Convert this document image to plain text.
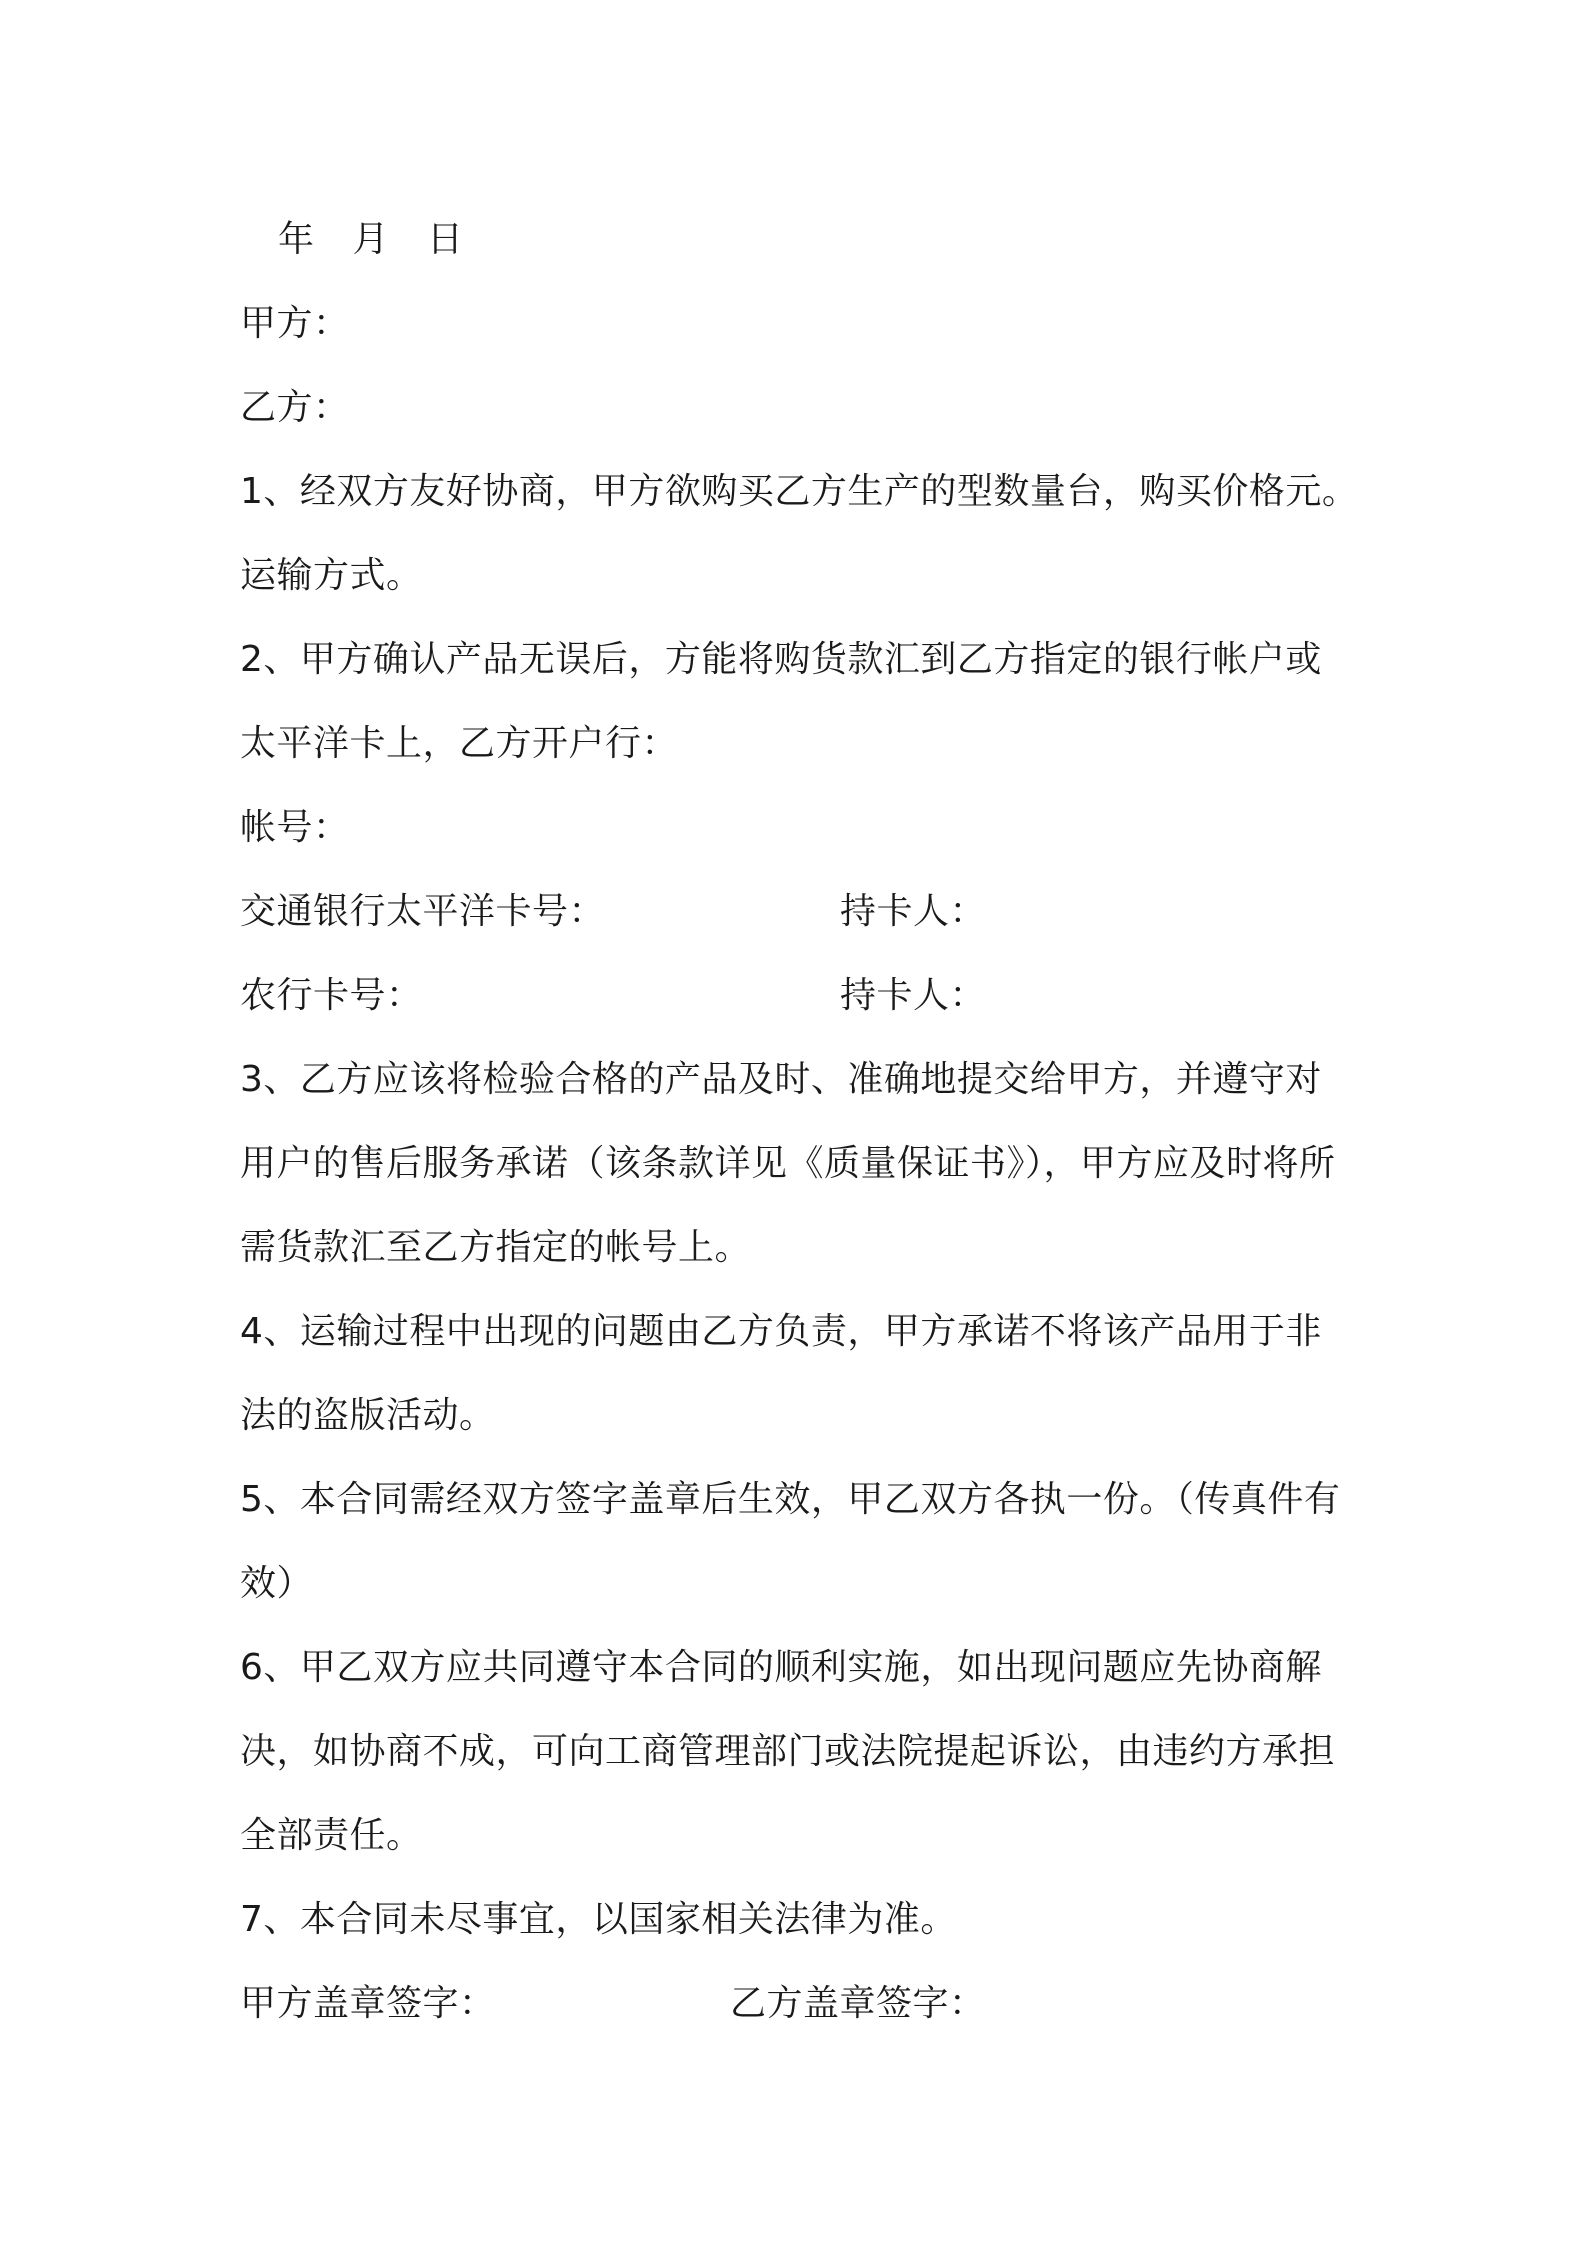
年 月 日
甲方：
乙方：
1、经双方友好协商，甲方欲购买乙方生产的型数量台，购买价格元。
运输方式。
2、甲方确认产品无误后，方能将购货款汇到乙方指定的银行帐户或
太平洋卡上，乙方开户行：
帐号：
交通银行太平洋卡号：	持卡人：
农行卡号：	持卡人：
3、乙方应该将检验合格的产品及时、准确地提交给甲方，并遵守对
用户的售后服务承诺（该条款详见《质量保证书》），甲方应及时将所
需货款汇至乙方指定的帐号上。
4、运输过程中出现的问题由乙方负责，甲方承诺不将该产品用于非
法的盗版活动。
5、本合同需经双方签字盖章后生效，甲乙双方各执一份。（传真件有
效）
6、甲乙双方应共同遵守本合同的顺利实施，如出现问题应先协商解
决，如协商不成，可向工商管理部门或法院提起诉讼，由违约方承担
全部责任。
7、本合同未尽事宜，以国家相关法律为准。
甲方盖章签字：	乙方盖章签字：
